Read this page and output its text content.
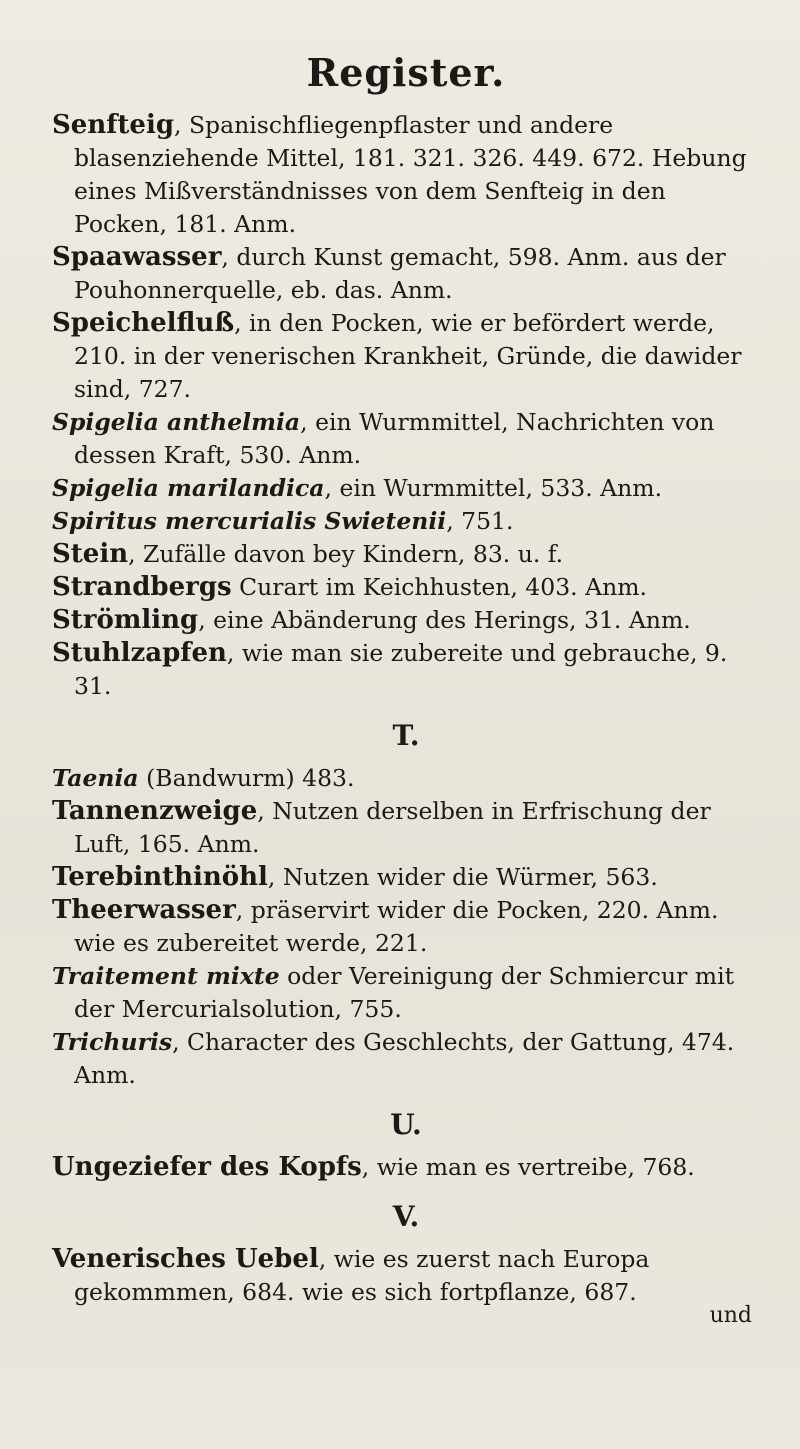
Register.

Senfteig, Spanischfliegenpflaster und andere blasenziehende Mittel, 181. 321. 326. 449. 672. Hebung eines Mißverständnisses von dem Senfteig in den Pocken, 181. Anm.

Spaawasser, durch Kunst gemacht, 598. Anm. aus der Pouhonnerquelle, eb. das. Anm.

Speichelfluß, in den Pocken, wie er befördert werde, 210. in der venerischen Krankheit, Gründe, die dawider sind, 727.

Spigelia anthelmia, ein Wurmmittel, Nachrichten von dessen Kraft, 530. Anm.

Spigelia marilandica, ein Wurmmittel, 533. Anm.

Spiritus mercurialis Swietenii, 751.

Stein, Zufälle davon bey Kindern, 83. u. f.

Strandbergs Curart im Keichhusten, 403. Anm.

Strömling, eine Abänderung des Herings, 31. Anm.

Stuhlzapfen, wie man sie zubereite und gebrauche, 9. 31.

T.

Taenia (Bandwurm) 483.

Tannenzweige, Nutzen derselben in Erfrischung der Luft, 165. Anm.

Terebinthinöhl, Nutzen wider die Würmer, 563.

Theerwasser, präservirt wider die Pocken, 220. Anm. wie es zubereitet werde, 221.

Traitement mixte oder Vereinigung der Schmiercur mit der Mercurialsolution, 755.

Trichuris, Character des Geschlechts, der Gattung, 474. Anm.

U.

Ungeziefer des Kopfs, wie man es vertreibe, 768.

V.

Venerisches Uebel, wie es zuerst nach Europa gekommmen, 684. wie es sich fortpflanze, 687.

und
